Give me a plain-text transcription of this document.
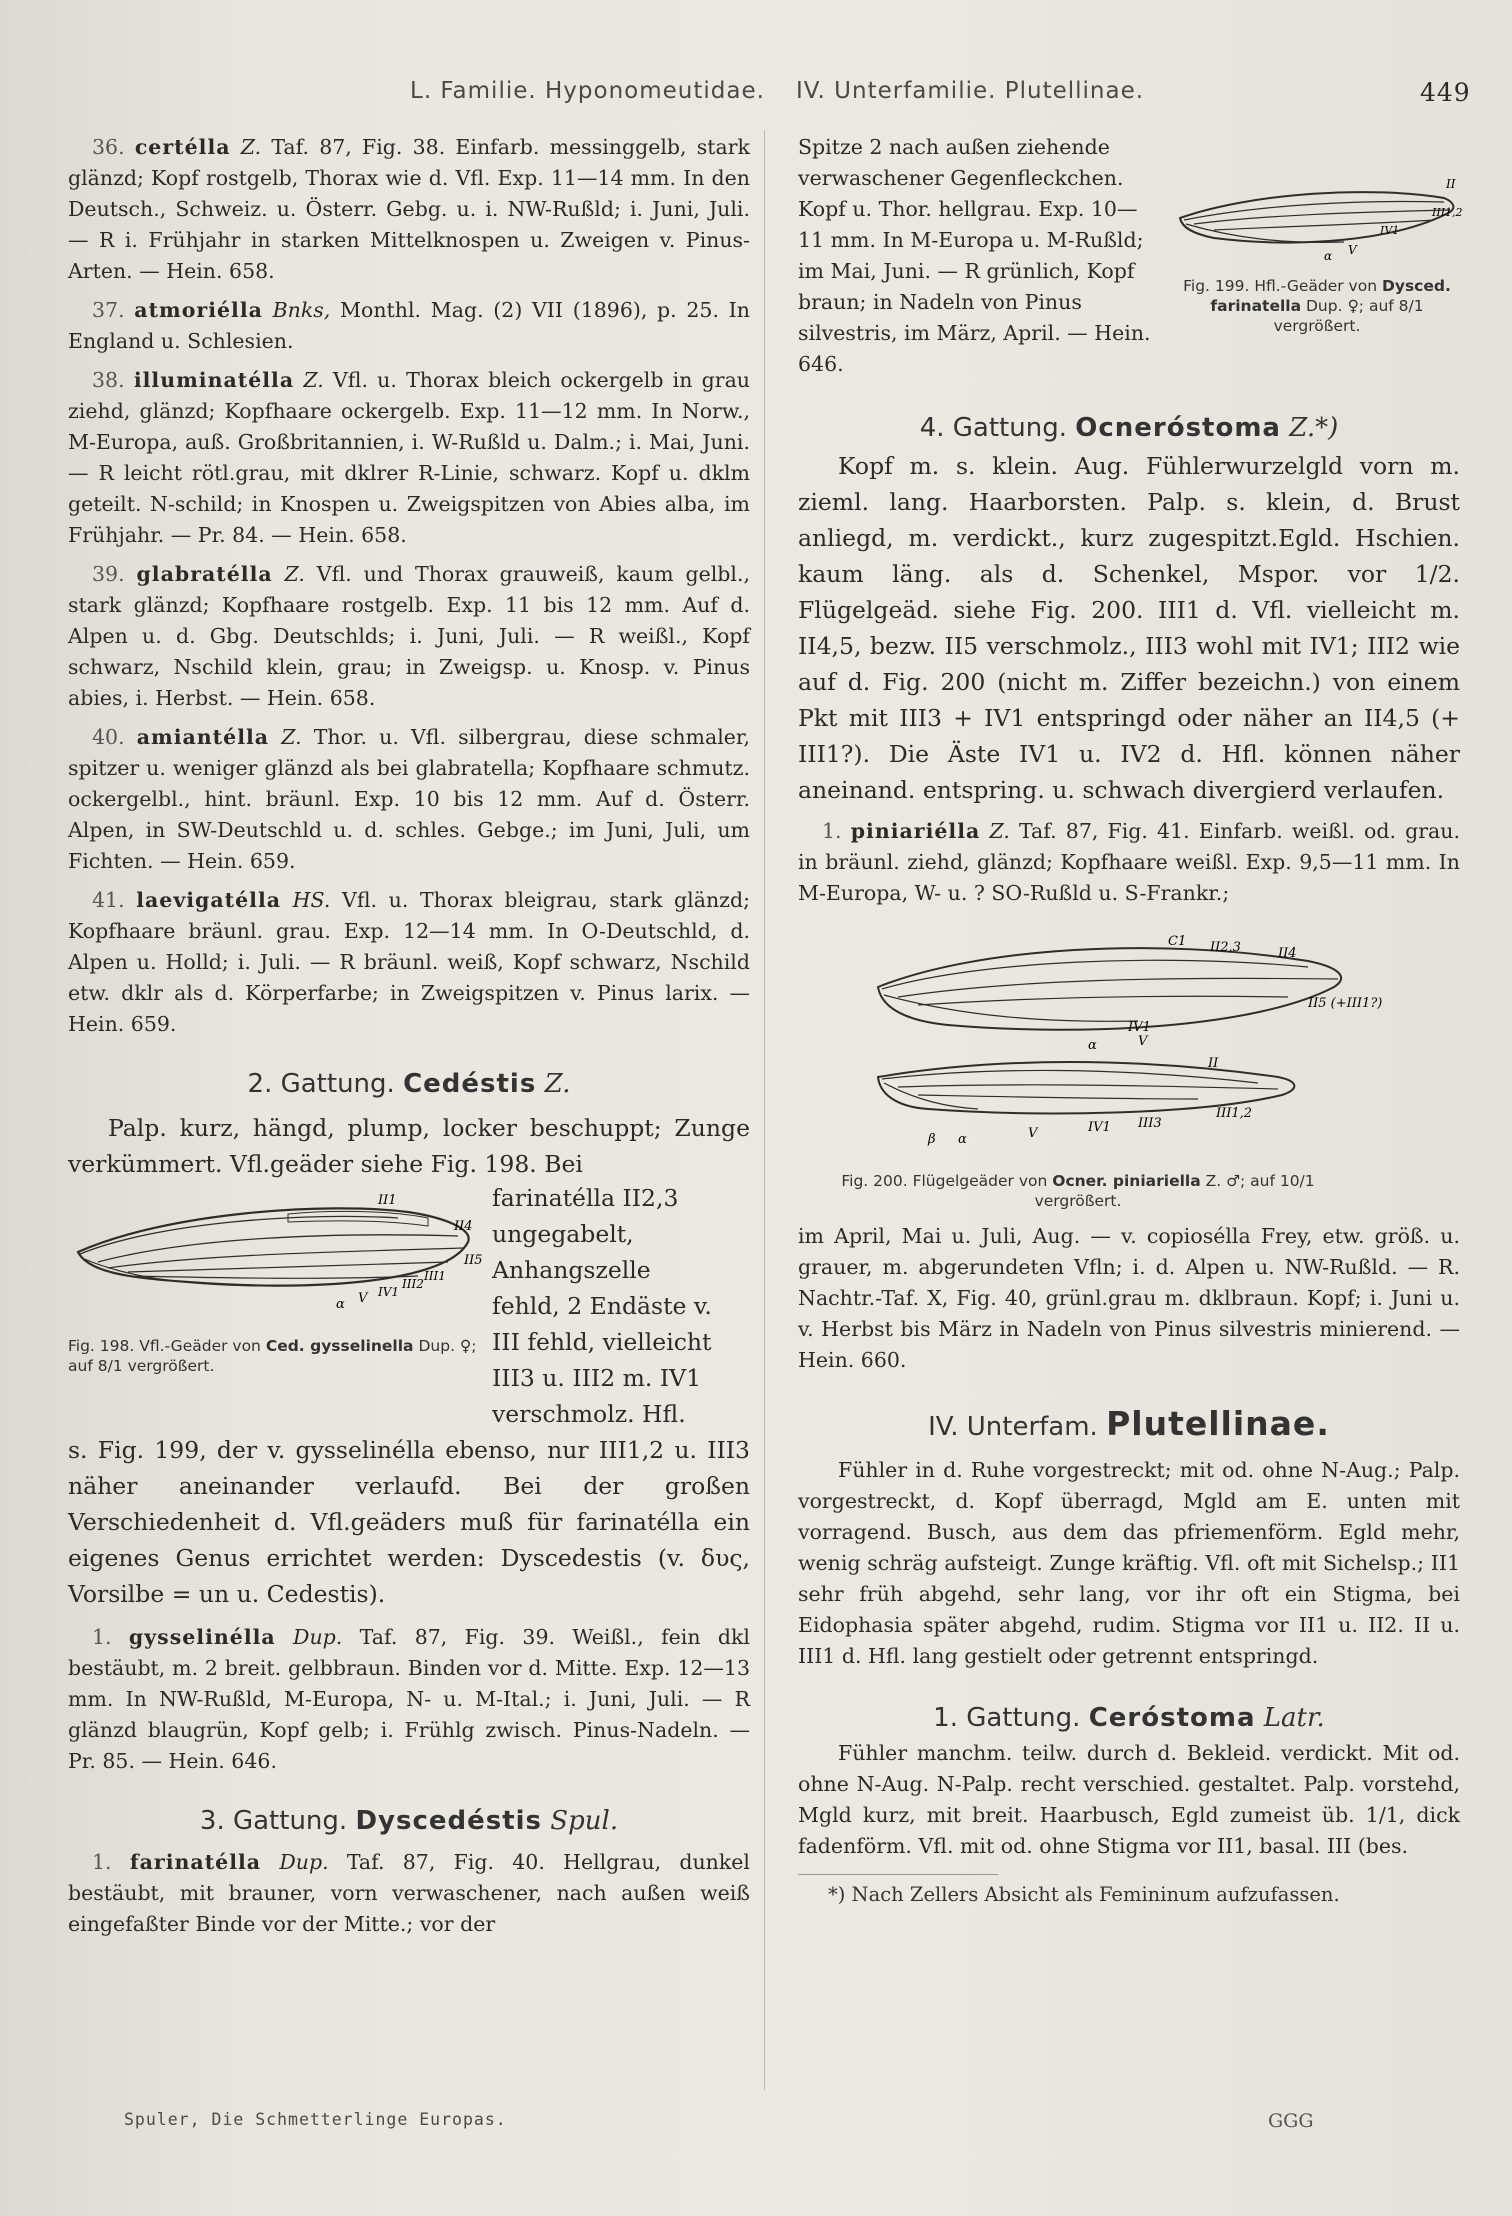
L. Familie. Hyponomeutidae. IV. Unterfamilie. Plutellinae.	449

36. certélla Z. Taf. 87, Fig. 38. Einfarb. messinggelb, stark glänzd; Kopf rostgelb, Thorax wie d. Vfl. Exp. 11—14 mm. In den Deutsch., Schweiz. u. Österr. Gebg. u. i. NW-Rußld; i. Juni, Juli. — R i. Frühjahr in starken Mittelknospen u. Zweigen v. Pinus-Arten. — Hein. 658.

37. atmoriélla Bnks, Monthl. Mag. (2) VII (1896), p. 25. In England u. Schlesien.

38. illuminatélla Z. Vfl. u. Thorax bleich ockergelb in grau ziehd, glänzd; Kopfhaare ockergelb. Exp. 11—12 mm. In Norw., M-Europa, auß. Großbritannien, i. W-Rußld u. Dalm.; i. Mai, Juni. — R leicht rötl.grau, mit dklrer R-Linie, schwarz. Kopf u. dklm geteilt. N-schild; in Knospen u. Zweigspitzen von Abies alba, im Frühjahr. — Pr. 84. — Hein. 658.

39. glabratélla Z. Vfl. und Thorax grauweiß, kaum gelbl., stark glänzd; Kopfhaare rostgelb. Exp. 11 bis 12 mm. Auf d. Alpen u. d. Gbg. Deutschlds; i. Juni, Juli. — R weißl., Kopf schwarz, Nschild klein, grau; in Zweigsp. u. Knosp. v. Pinus abies, i. Herbst. — Hein. 658.

40. amiantélla Z. Thor. u. Vfl. silbergrau, diese schmaler, spitzer u. weniger glänzd als bei glabratella; Kopfhaare schmutz. ockergelbl., hint. bräunl. Exp. 10 bis 12 mm. Auf d. Österr. Alpen, in SW-Deutschld u. d. schles. Gebge.; im Juni, Juli, um Fichten. — Hein. 659.

41. laevigatélla HS. Vfl. u. Thorax bleigrau, stark glänzd; Kopfhaare bräunl. grau. Exp. 12—14 mm. In O-Deutschld, d. Alpen u. Holld; i. Juli. — R bräunl. weiß, Kopf schwarz, Nschild etw. dklr als d. Körperfarbe; in Zweigspitzen v. Pinus larix. — Hein. 659.

2. Gattung. Cedéstis Z.

Palp. kurz, hängd, plump, locker beschuppt; Zunge verkümmert. Vfl.geäder siehe Fig. 198. Bei

II1
II4
II5
III1
III2
IV1
α V
Fig. 198. Vfl.-Geäder von Ced. gysselinella Dup. ♀; auf 8/1 vergrößert.

farinatélla II2,3 ungegabelt, Anhangszelle fehld, 2 Endäste v. III fehld, vielleicht III3 u. III2 m. IV1 verschmolz. Hfl.

s. Fig. 199, der v. gysselinélla ebenso, nur III1,2 u. III3 näher aneinander verlaufd. Bei der großen Verschiedenheit d. Vfl.geäders muß für farinatélla ein eigenes Genus errichtet werden: Dyscedestis (v. δυς, Vorsilbe = un u. Cedestis).

1. gysselinélla Dup. Taf. 87, Fig. 39. Weißl., fein dkl bestäubt, m. 2 breit. gelbbraun. Binden vor d. Mitte. Exp. 12—13 mm. In NW-Rußld, M-Europa, N- u. M-Ital.; i. Juni, Juli. — R glänzd blaugrün, Kopf gelb; i. Frühlg zwisch. Pinus-Nadeln. — Pr. 85. — Hein. 646.

3. Gattung. Dyscedéstis Spul.

1. farinatélla Dup. Taf. 87, Fig. 40. Hellgrau, dunkel bestäubt, mit brauner, vorn verwaschener, nach außen weiß eingefaßter Binde vor der Mitte.; vor der

Spitze 2 nach außen ziehende verwaschener Gegenfleckchen. Kopf u. Thor. hellgrau. Exp. 10—11 mm. In M-Europa u. M-Rußld; im Mai, Juni. — R grünlich, Kopf braun; in Nadeln von Pinus silvestris, im März, April. — Hein. 646.

II
III1,2
IV1
α V
Fig. 199. Hfl.-Geäder von Dysced. farinatella Dup. ♀; auf 8/1 vergrößert.
4. Gattung. Ocneróstoma Z.*)

Kopf m. s. klein. Aug. Fühlerwurzelgld vorn m. zieml. lang. Haarborsten. Palp. s. klein, d. Brust anliegd, m. verdickt., kurz zugespitzt.Egld. Hschien. kaum läng. als d. Schenkel, Mspor. vor 1/2. Flügelgeäd. siehe Fig. 200. III1 d. Vfl. vielleicht m. II4,5, bezw. II5 verschmolz., III3 wohl mit IV1; III2 wie auf d. Fig. 200 (nicht m. Ziffer bezeichn.) von einem Pkt mit III3 + IV1 entspringd oder näher an II4,5 (+ III1?). Die Äste IV1 u. IV2 d. Hfl. können näher aneinand. entspring. u. schwach divergierd verlaufen.

1. piniariélla Z. Taf. 87, Fig. 41. Einfarb. weißl. od. grau. in bräunl. ziehd, glänzd; Kopfhaare weißl. Exp. 9,5—11 mm. In M-Europa, W- u. ? SO-Rußld u. S-Frankr.;

C1 II2,3	II4
II5 (+III1?)
IV1
α	V
II
β α	V	IV1 III3
III1,2
Fig. 200. Flügelgeäder von Ocner. piniariella Z. ♂; auf 10/1 vergrößert.

im April, Mai u. Juli, Aug. — v. copiosélla Frey, etw. größ. u. grauer, m. abgerundeten Vfln; i. d. Alpen u. NW-Rußld. — R. Nachtr.-Taf. X, Fig. 40, grünl.grau m. dklbraun. Kopf; i. Juni u. v. Herbst bis März in Nadeln von Pinus silvestris minierend. — Hein. 660.

IV. Unterfam. Plutellinae.

Fühler in d. Ruhe vorgestreckt; mit od. ohne N-Aug.; Palp. vorgestreckt, d. Kopf überragd, Mgld am E. unten mit vorragend. Busch, aus dem das pfriemenförm. Egld mehr, wenig schräg aufsteigt. Zunge kräftig. Vfl. oft mit Sichelsp.; II1 sehr früh abgehd, sehr lang, vor ihr oft ein Stigma, bei Eidophasia später abgehd, rudim. Stigma vor II1 u. II2. II u. III1 d. Hfl. lang gestielt oder getrennt entspringd.

1. Gattung. Ceróstoma Latr.

Fühler manchm. teilw. durch d. Bekleid. verdickt. Mit od. ohne N-Aug. N-Palp. recht verschied. gestaltet. Palp. vorstehd, Mgld kurz, mit breit. Haarbusch, Egld zumeist üb. 1/1, dick fadenförm. Vfl. mit od. ohne Stigma vor II1, basal. III (bes.

*) Nach Zellers Absicht als Femininum aufzufassen.

Spuler, Die Schmetterlinge Europas.	GGG
